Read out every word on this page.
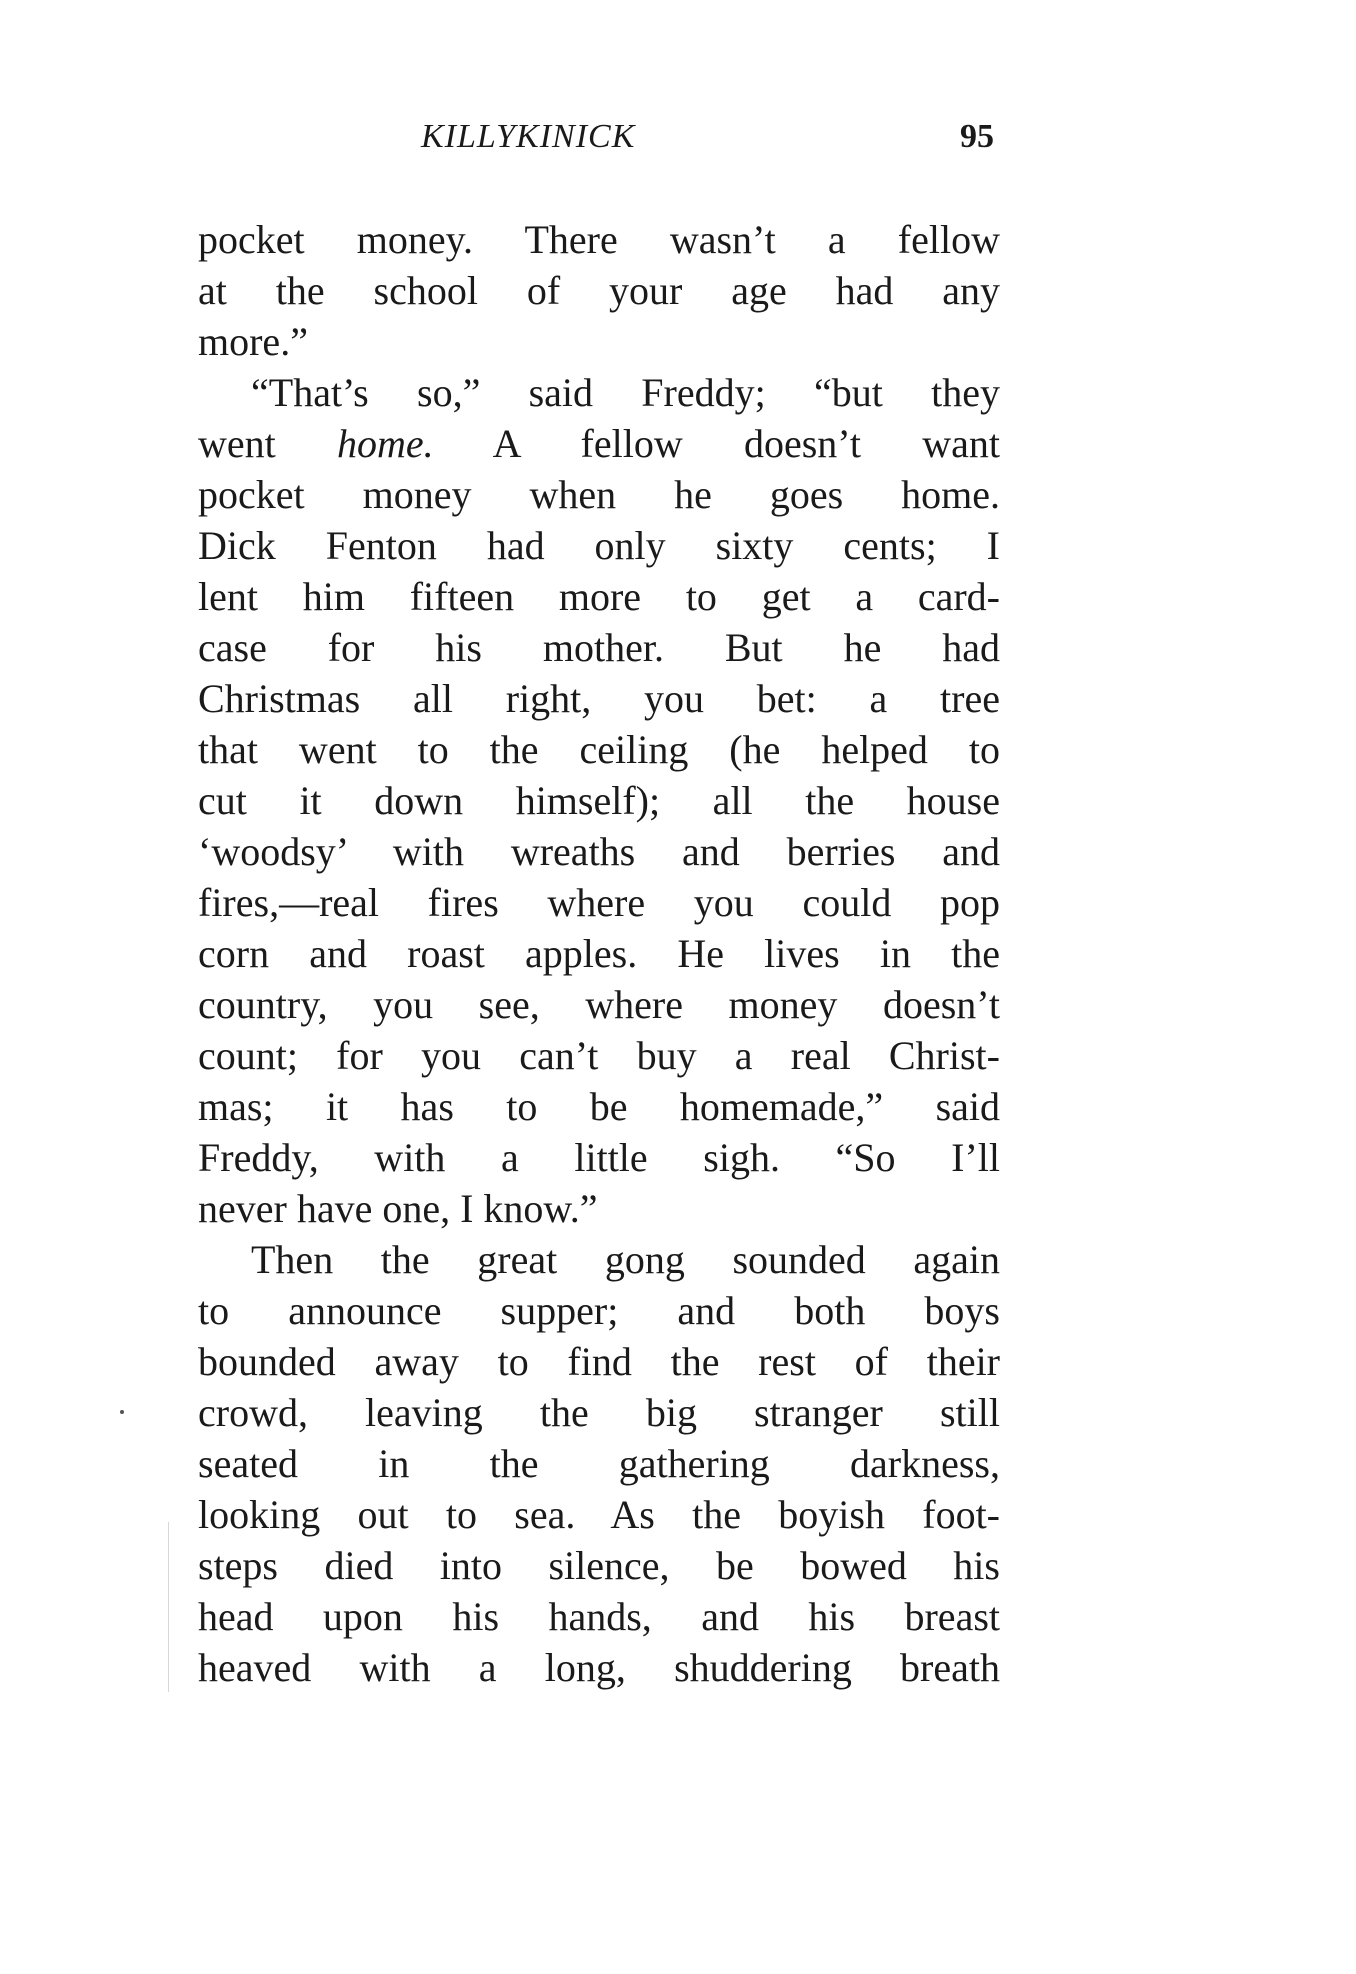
KILLYKINICK	95
pocket money. There wasn’t a fellow
at the school of your age had any
more.”
“That’s so,” said Freddy; “but they
went home. A fellow doesn’t want
pocket money when he goes home.
Dick Fenton had only sixty cents; I
lent him fifteen more to get a card-
case for his mother. But he had
Christmas all right, you bet: a tree
that went to the ceiling (he helped to
cut it down himself); all the house
‘woodsy’ with wreaths and berries and
fires,—real fires where you could pop
corn and roast apples. He lives in the
country, you see, where money doesn’t
count; for you can’t buy a real Christ-
mas; it has to be homemade,” said
Freddy, with a little sigh. “So I’ll
never have one, I know.”
Then the great gong sounded again
to announce supper; and both boys
bounded away to find the rest of their
crowd, leaving the big stranger still
seated in the gathering darkness,
looking out to sea. As the boyish foot-
steps died into silence, be bowed his
head upon his hands, and his breast
heaved with a long, shuddering breath
